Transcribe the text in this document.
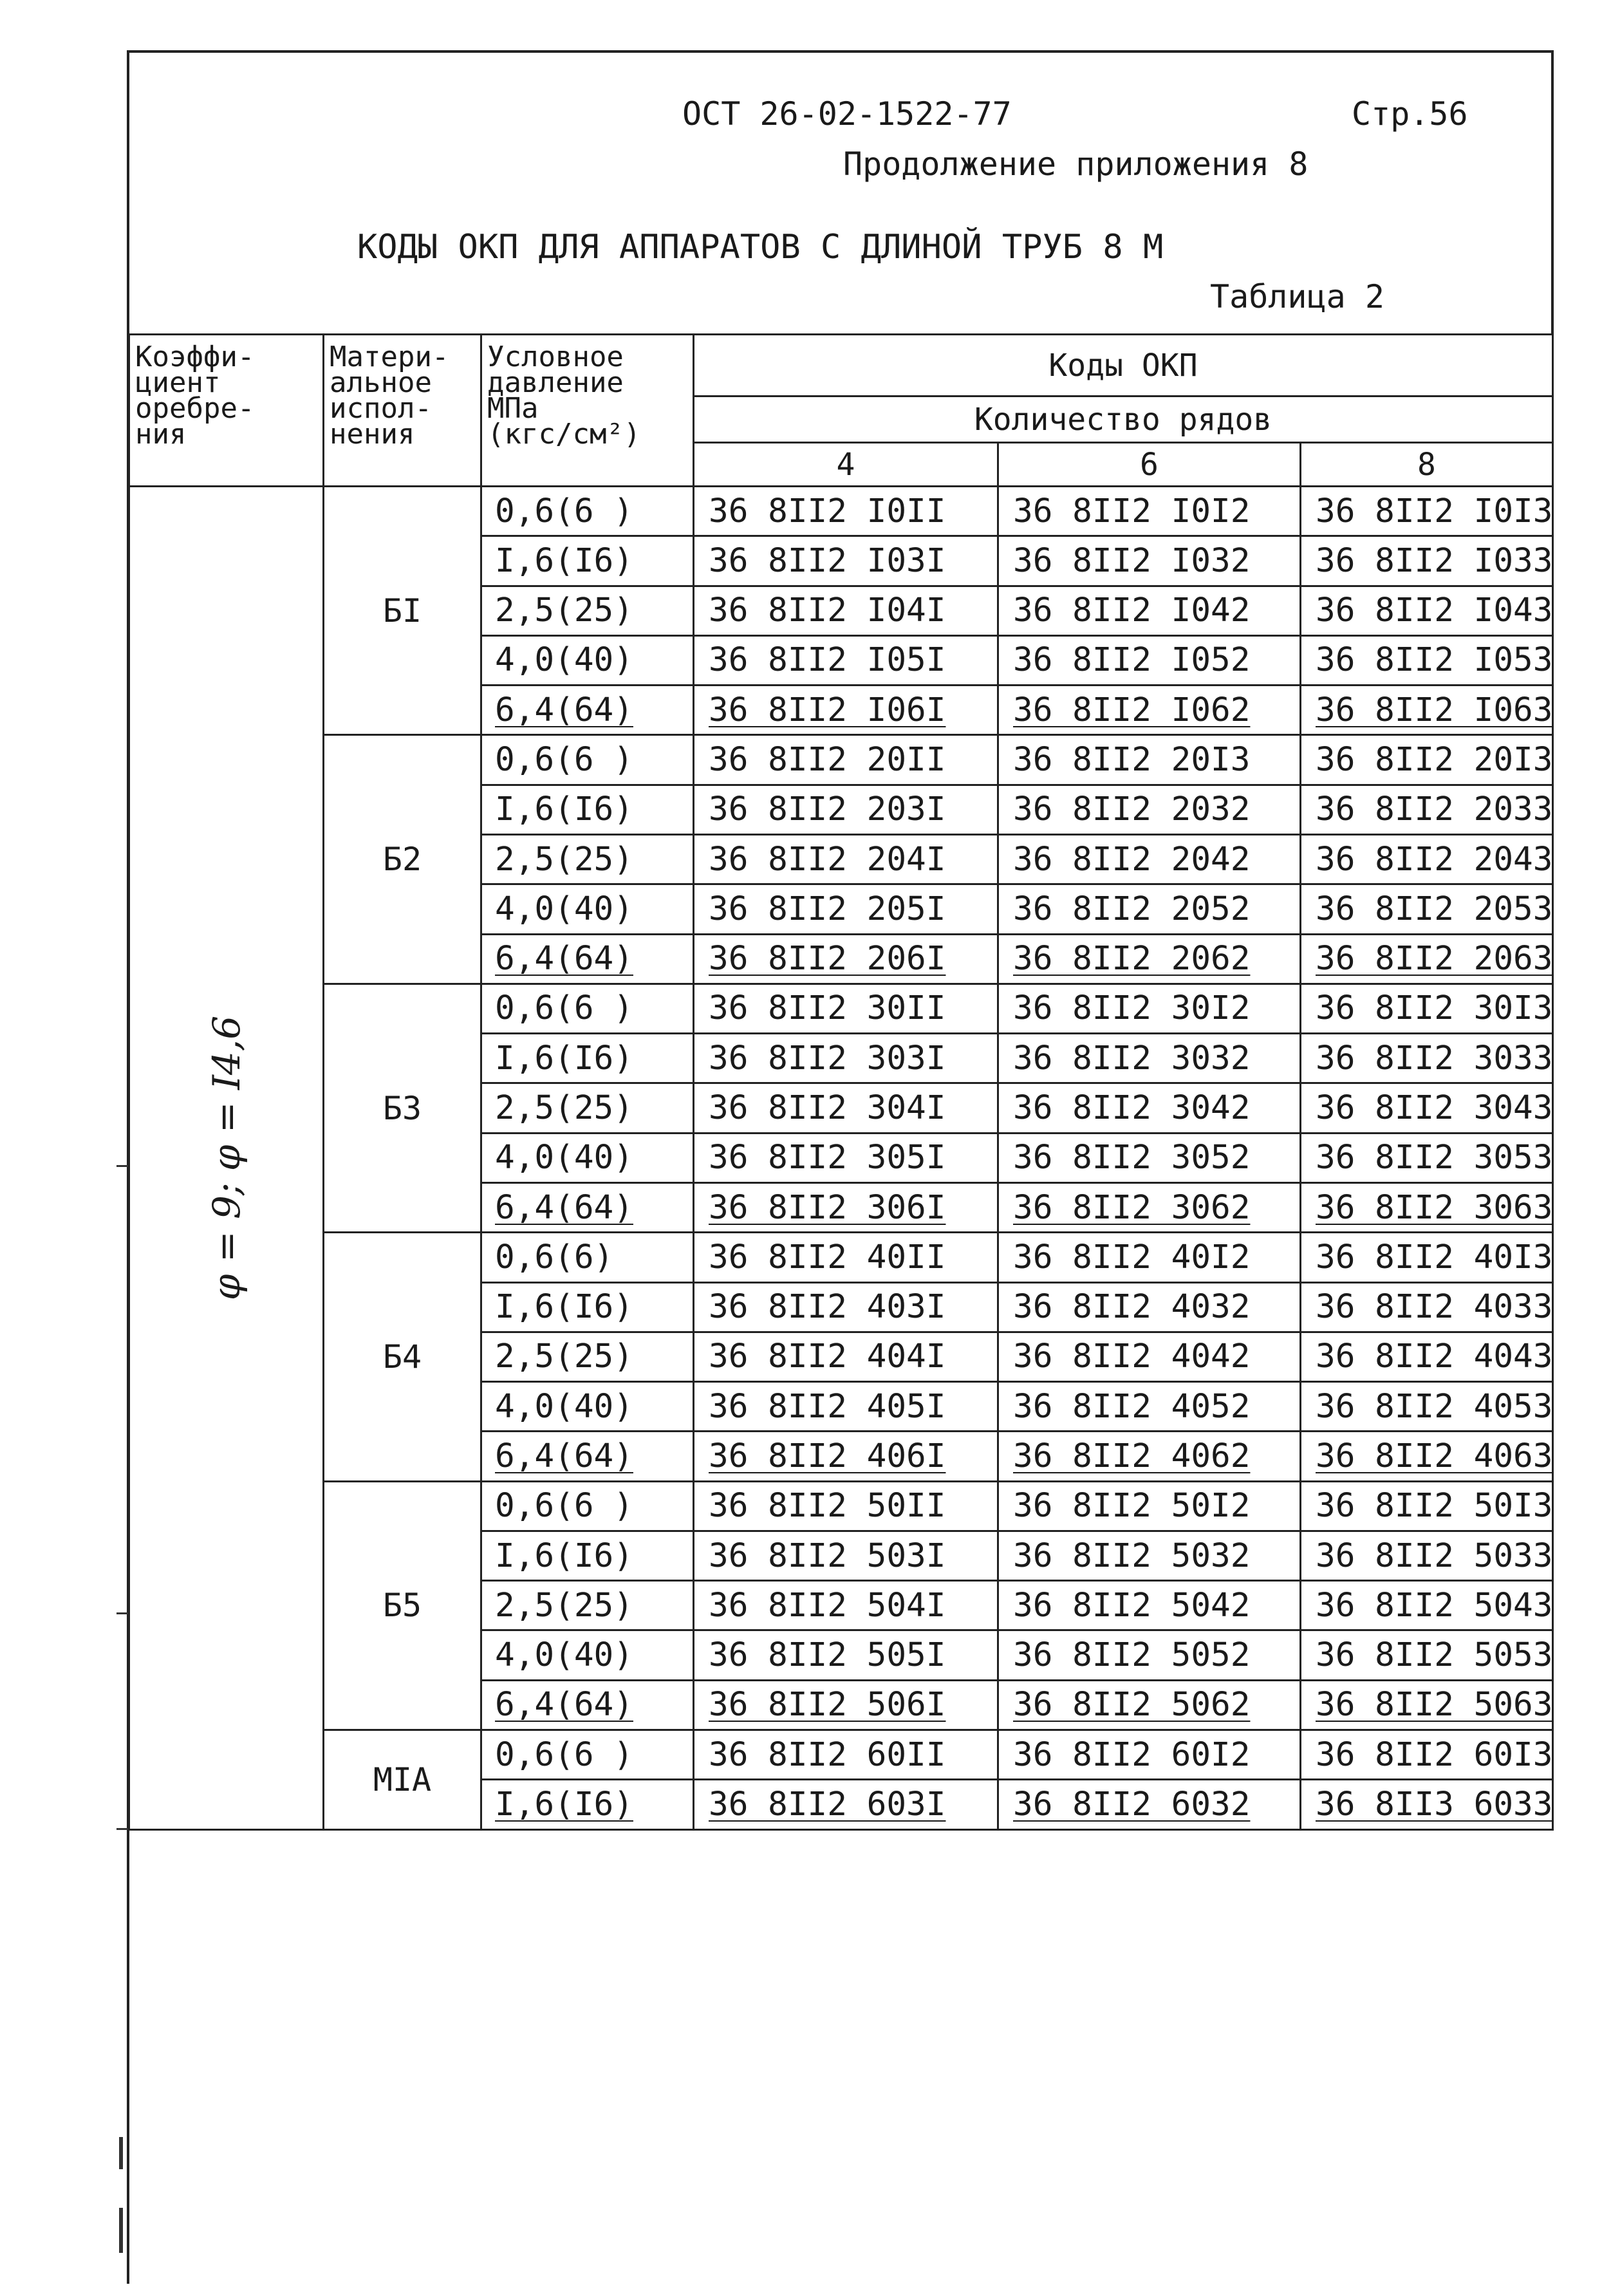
ОСТ 26-02-1522-77	Стр.56
Продолжение приложения 8
КОДЫ ОКП ДЛЯ АППАРАТОВ С ДЛИНОЙ ТРУБ 8 М
Таблица 2
Коэффи-
циент
оребре-
ния	Матери-
альное
испол-
нения	Условное
давление
МПа
(кгс/см²)	Коды ОКП		
			Количество рядов		
			4	6	8

φ = 9; φ = I4,6	БI	0,6(6 )	36 8II2 I0II	36 8II2 I0I2	36 8II2 I0I3
		I,6(I6)	36 8II2 I03I	36 8II2 I032	36 8II2 I033
		2,5(25)	36 8II2 I04I	36 8II2 I042	36 8II2 I043
		4,0(40)	36 8II2 I05I	36 8II2 I052	36 8II2 I053
		6,4(64)	36 8II2 I06I	36 8II2 I062	36 8II2 I063
	Б2	0,6(6 )	36 8II2 20II	36 8II2 20I3	36 8II2 20I3
		I,6(I6)	36 8II2 203I	36 8II2 2032	36 8II2 2033
		2,5(25)	36 8II2 204I	36 8II2 2042	36 8II2 2043
		4,0(40)	36 8II2 205I	36 8II2 2052	36 8II2 2053
		6,4(64)	36 8II2 206I	36 8II2 2062	36 8II2 2063
	Б3	0,6(6 )	36 8II2 30II	36 8II2 30I2	36 8II2 30I3
		I,6(I6)	36 8II2 303I	36 8II2 3032	36 8II2 3033
		2,5(25)	36 8II2 304I	36 8II2 3042	36 8II2 3043
		4,0(40)	36 8II2 305I	36 8II2 3052	36 8II2 3053
		6,4(64)	36 8II2 306I	36 8II2 3062	36 8II2 3063
	Б4	0,6(6)	36 8II2 40II	36 8II2 40I2	36 8II2 40I3
		I,6(I6)	36 8II2 403I	36 8II2 4032	36 8II2 4033
		2,5(25)	36 8II2 404I	36 8II2 4042	36 8II2 4043
		4,0(40)	36 8II2 405I	36 8II2 4052	36 8II2 4053
		6,4(64)	36 8II2 406I	36 8II2 4062	36 8II2 4063
	Б5	0,6(6 )	36 8II2 50II	36 8II2 50I2	36 8II2 50I3
		I,6(I6)	36 8II2 503I	36 8II2 5032	36 8II2 5033
		2,5(25)	36 8II2 504I	36 8II2 5042	36 8II2 5043
		4,0(40)	36 8II2 505I	36 8II2 5052	36 8II2 5053
		6,4(64)	36 8II2 506I	36 8II2 5062	36 8II2 5063
	МIА	0,6(6 )	36 8II2 60II	36 8II2 60I2	36 8II2 60I3
		I,6(I6)	36 8II2 603I	36 8II2 6032	36 8II3 6033
